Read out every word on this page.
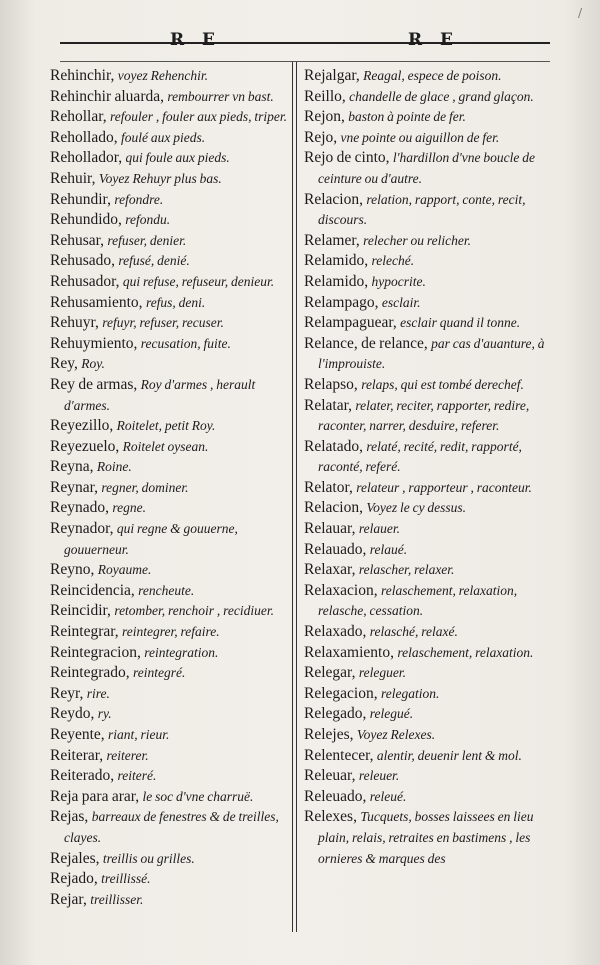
/
R E	R E
Rehinchir, voyez Rehenchir.
Rehinchir aluarda, rembourrer vn bast.
Rehollar, refouler , fouler aux pieds, triper.
Rehollado, foulé aux pieds.
Rehollador, qui foule aux pieds.
Rehuir, Voyez Rehuyr plus bas.
Rehundir, refondre.
Rehundido, refondu.
Rehusar, refuser, denier.
Rehusado, refusé, denié.
Rehusador, qui refuse, refuseur, denieur.
Rehusamiento, refus, deni.
Rehuyr, refuyr, refuser, recuser.
Rehuymiento, recusation, fuite.
Rey, Roy.
Rey de armas, Roy d'armes , herault d'armes.
Reyezillo, Roitelet, petit Roy.
Reyezuelo, Roitelet oysean.
Reyna, Roine.
Reynar, regner, dominer.
Reynado, regne.
Reynador, qui regne & gouuerne, gouuerneur.
Reyno, Royaume.
Reincidencia, rencheute.
Reincidir, retomber, renchoir , recidiuer.
Reintegrar, reintegrer, refaire.
Reintegracion, reintegration.
Reintegrado, reintegré.
Reyr, rire.
Reydo, ry.
Reyente, riant, rieur.
Reiterar, reiterer.
Reiterado, reiteré.
Reja para arar, le soc d'vne charruë.
Rejas, barreaux de fenestres & de treilles, clayes.
Rejales, treillis ou grilles.
Rejado, treillissé.
Rejar, treillisser.
Rejalgar, Reagal, espece de poison.
Reillo, chandelle de glace , grand glaçon.
Rejon, baston à pointe de fer.
Rejo, vne pointe ou aiguillon de fer.
Rejo de cinto, l'hardillon d'vne boucle de ceinture ou d'autre.
Relacion, relation, rapport, conte, recit, discours.
Relamer, relecher ou relicher.
Relamido, releché.
Relamido, hypocrite.
Relampago, esclair.
Relampaguear, esclair quand il tonne.
Relance, de relance, par cas d'auanture, à l'improuiste.
Relapso, relaps, qui est tombé derechef.
Relatar, relater, reciter, rapporter, redire, raconter, narrer, desduire, referer.
Relatado, relaté, recité, redit, rapporté, raconté, referé.
Relator, relateur , rapporteur , raconteur.
Relacion, Voyez le cy dessus.
Relauar, relauer.
Relauado, relaué.
Relaxar, relascher, relaxer.
Relaxacion, relaschement, relaxation, relasche, cessation.
Relaxado, relasché, relaxé.
Relaxamiento, relaschement, relaxation.
Relegar, releguer.
Relegacion, relegation.
Relegado, relegué.
Relejes, Voyez Relexes.
Relentecer, alentir, deuenir lent & mol.
Releuar, releuer.
Releuado, releué.
Relexes, Tucquets, bosses laissees en lieu plain, relais, retraites en bastimens , les ornieres & marques des
